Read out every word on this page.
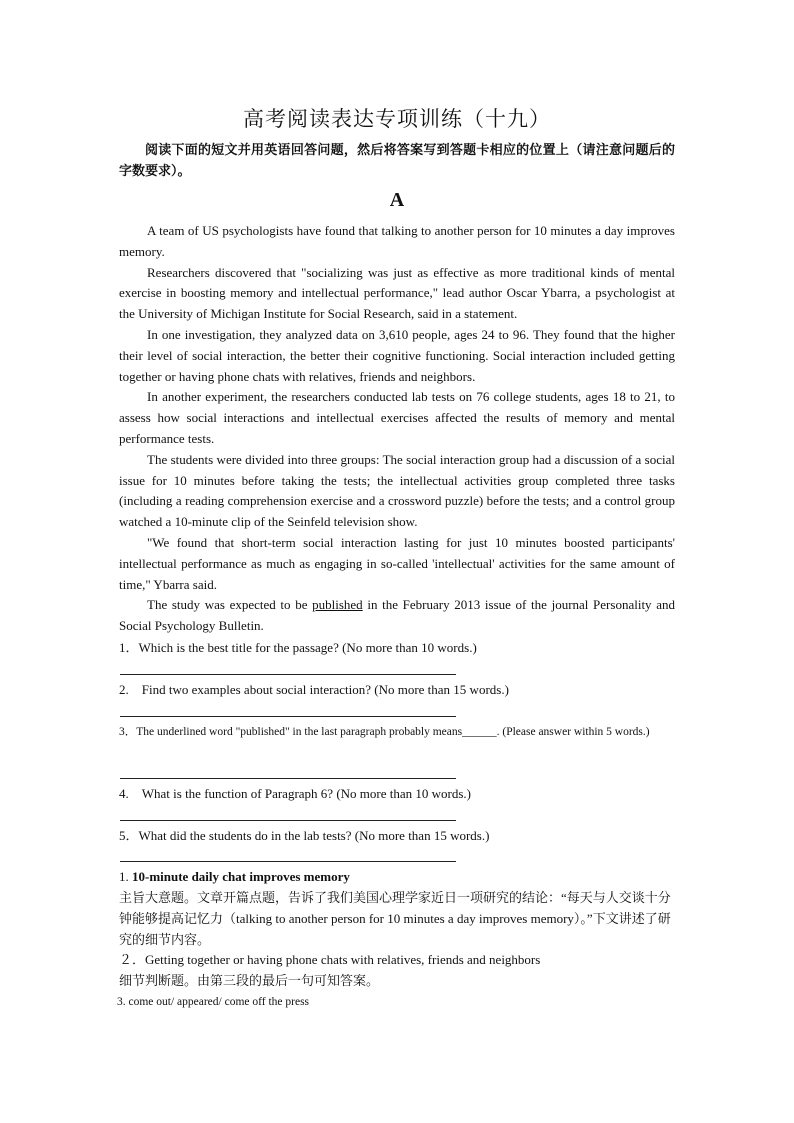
高考阅读表达专项训练（十九）
阅读下面的短文并用英语回答问题，然后将答案写到答题卡相应的位置上（请注意问题后的字数要求）。
A

A team of US psychologists have found that talking to another person for 10 minutes a day improves memory.

Researchers discovered that "socializing was just as effective as more traditional kinds of mental exercise in boosting memory and intellectual performance," lead author Oscar Ybarra, a psychologist at the University of Michigan Institute for Social Research, said in a statement.

In one investigation, they analyzed data on 3,610 people, ages 24 to 96. They found that the higher their level of social interaction, the better their cognitive functioning. Social interaction included getting together or having phone chats with relatives, friends and neighbors.

In another experiment, the researchers conducted lab tests on 76 college students, ages 18 to 21, to assess how social interactions and intellectual exercises affected the results of memory and mental performance tests.

The students were divided into three groups: The social interaction group had a discussion of a social issue for 10 minutes before taking the tests; the intellectual activities group completed three tasks (including a reading comprehension exercise and a crossword puzzle) before the tests; and a control group watched a 10-minute clip of the Seinfeld television show.

"We found that short-term social interaction lasting for just 10 minutes boosted participants' intellectual performance as much as engaging in so-called 'intellectual' activities for the same amount of time," Ybarra said.

The study was expected to be published in the February 2013 issue of the journal Personality and Social Psychology Bulletin.

1．Which is the best title for the passage? (No more than 10 words.)
2.　Find two examples about social interaction? (No more than 15 words.)
3．The underlined word "published" in the last paragraph probably means______. (Please answer within 5 words.)
4.　What is the function of Paragraph 6? (No more than 10 words.)
5．What did the students do in the lab tests? (No more than 15 words.)
1. 10-minute daily chat improves memory
主旨大意题。文章开篇点题，告诉了我们美国心理学家近日一项研究的结论：“每天与人交谈十分钟能够提高记忆力（talking to another person for 10 minutes a day improves memory）。”下文讲述了研究的细节内容。
２．Getting together or having phone chats with relatives, friends and neighbors
细节判断题。由第三段的最后一句可知答案。
3. come out/ appeared/ come off the press
